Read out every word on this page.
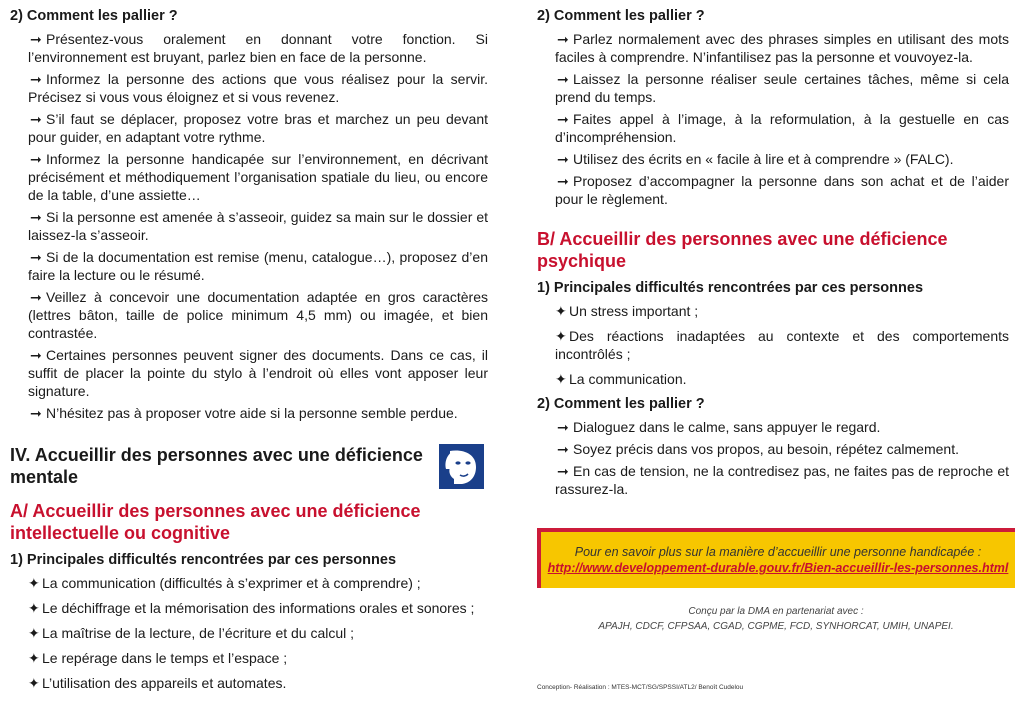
2) Comment les pallier ?
➞ Présentez-vous oralement en donnant votre fonction. Si l’environnement est bruyant, parlez bien en face de la personne.
➞ Informez la personne des actions que vous réalisez pour la servir. Précisez si vous vous éloignez et si vous revenez.
➞ S’il faut se déplacer, proposez votre bras et marchez un peu devant pour guider, en adaptant votre rythme.
➞ Informez la personne handicapée sur l’environnement, en décrivant précisément et méthodiquement l’organisation spatiale du lieu, ou encore de la table, d’une assiette…
➞ Si la personne est amenée à s’asseoir, guidez sa main sur le dossier et laissez-la s’asseoir.
➞ Si de la documentation est remise (menu, catalogue…), proposez d’en faire la lecture ou le résumé.
➞ Veillez à concevoir une documentation adaptée en gros caractères (lettres bâton, taille de police minimum 4,5 mm) ou imagée, et bien contrastée.
➞ Certaines personnes peuvent signer des documents. Dans ce cas, il suffit de placer la pointe du stylo à l’endroit où elles vont apposer leur signature.
➞ N’hésitez pas à proposer votre aide si la personne semble perdue.
IV. Accueillir des personnes avec une déficience mentale
A/ Accueillir des personnes avec une déficience intellectuelle ou cognitive
1) Principales difficultés rencontrées par ces personnes
✦ La communication (difficultés à s’exprimer et à comprendre) ;
✦ Le déchiffrage et la mémorisation des informations orales et sonores ;
✦ La maîtrise de la lecture, de l’écriture et du calcul ;
✦ Le repérage dans le temps et l’espace ;
✦ L’utilisation des appareils et automates.
2) Comment les pallier ?
➞ Parlez normalement avec des phrases simples en utilisant des mots faciles à comprendre. N’infantilisez pas la personne et vouvoyez-la.
➞ Laissez la personne réaliser seule certaines tâches, même si cela prend du temps.
➞ Faites appel à l’image, à la reformulation, à la gestuelle en cas d’incompréhension.
➞ Utilisez des écrits en « facile à lire et à comprendre » (FALC).
➞ Proposez d’accompagner la personne dans son achat et de l’aider pour le règlement.
B/ Accueillir des personnes avec une déficience psychique
1) Principales difficultés rencontrées par ces personnes
✦ Un stress important ;
✦ Des réactions inadaptées au contexte et des comportements incontrôlés ;
✦ La communication.
2) Comment les pallier ?
➞ Dialoguez dans le calme, sans appuyer le regard.
➞ Soyez précis dans vos propos, au besoin, répétez calmement.
➞ En cas de tension, ne la contredisez pas, ne faites pas de reproche et rassurez-la.
Pour en savoir plus sur la manière d’accueillir une personne handicapée :
http://www.developpement-durable.gouv.fr/Bien-accueillir-les-personnes.html
Conçu par la DMA en partenariat avec :
APAJH, CDCF, CFPSAA, CGAD, CGPME, FCD, SYNHORCAT, UMIH, UNAPEI.
Conception- Réalisation : MTES-MCT/SG/SPSSI/ATL2/ Benoît Cudelou
